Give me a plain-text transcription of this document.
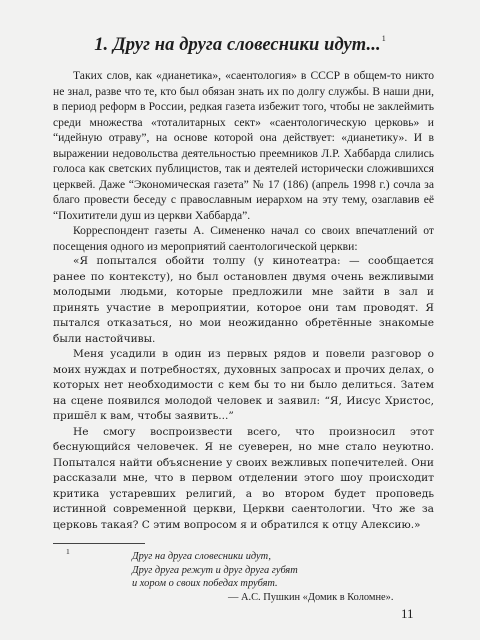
1. Друг на друга словесники идут...$^1$

Таких слов, как «дианетика», «саентология» в СССР в общем-то никто не знал, разве что те, кто был обязан знать их по долгу службы. В наши дни, в период реформ в России, редкая газета избежит того, чтобы не заклеймить среди множества «тоталитарных сект» «саентологическую церковь» и “идейную отраву”, на основе которой она действует: «дианетику». И в выражении недовольства деятельностью преемников Л.Р. Хаббарда слились голоса как светских публицистов, так и деятелей исторически сложившихся церквей. Даже “Экономическая газета” № 17 (186) (апрель 1998 г.) сочла за благо провести беседу с православным иерархом на эту тему, озаглавив её “Похитители душ из церкви Хаббарда”.

Корреспондент газеты А. Симененко начал со своих впечатлений от посещения одного из мероприятий саентологической церкви:

«Я попытался обойти толпу (у кинотеатра: — сообщается ранее по контексту), но был остановлен двумя очень вежливыми молодыми людьми, которые предложили мне зайти в зал и принять участие в мероприятии, которое они там проводят. Я пытался отказаться, но мои неожиданно обретённые знакомые были настойчивы.

Меня усадили в один из первых рядов и повели разговор о моих нуждах и потребностях, духовных запросах и прочих делах, о которых нет необходимости с кем бы то ни было делиться. Затем на сцене появился молодой человек и заявил: “Я, Иисус Христос, пришёл к вам, чтобы заявить...”

Не смогу воспроизвести всего, что произносил этот беснующийся человечек. Я не суеверен, но мне стало неуютно. Попытался найти объяснение у своих вежливых попечителей. Они рассказали мне, что в первом отделении этого шоу происходит критика устаревших религий, а во втором будет проповедь истинной современной церкви, Церкви саентологии. Что же за церковь такая? С этим вопросом я и обратился к отцу Алексию.»

1	Друг на друга словесники идут,
Друг друга режут и друг друга губят
и хором о своих победах трубят.
— А.С. Пушкин «Домик в Коломне».
11
